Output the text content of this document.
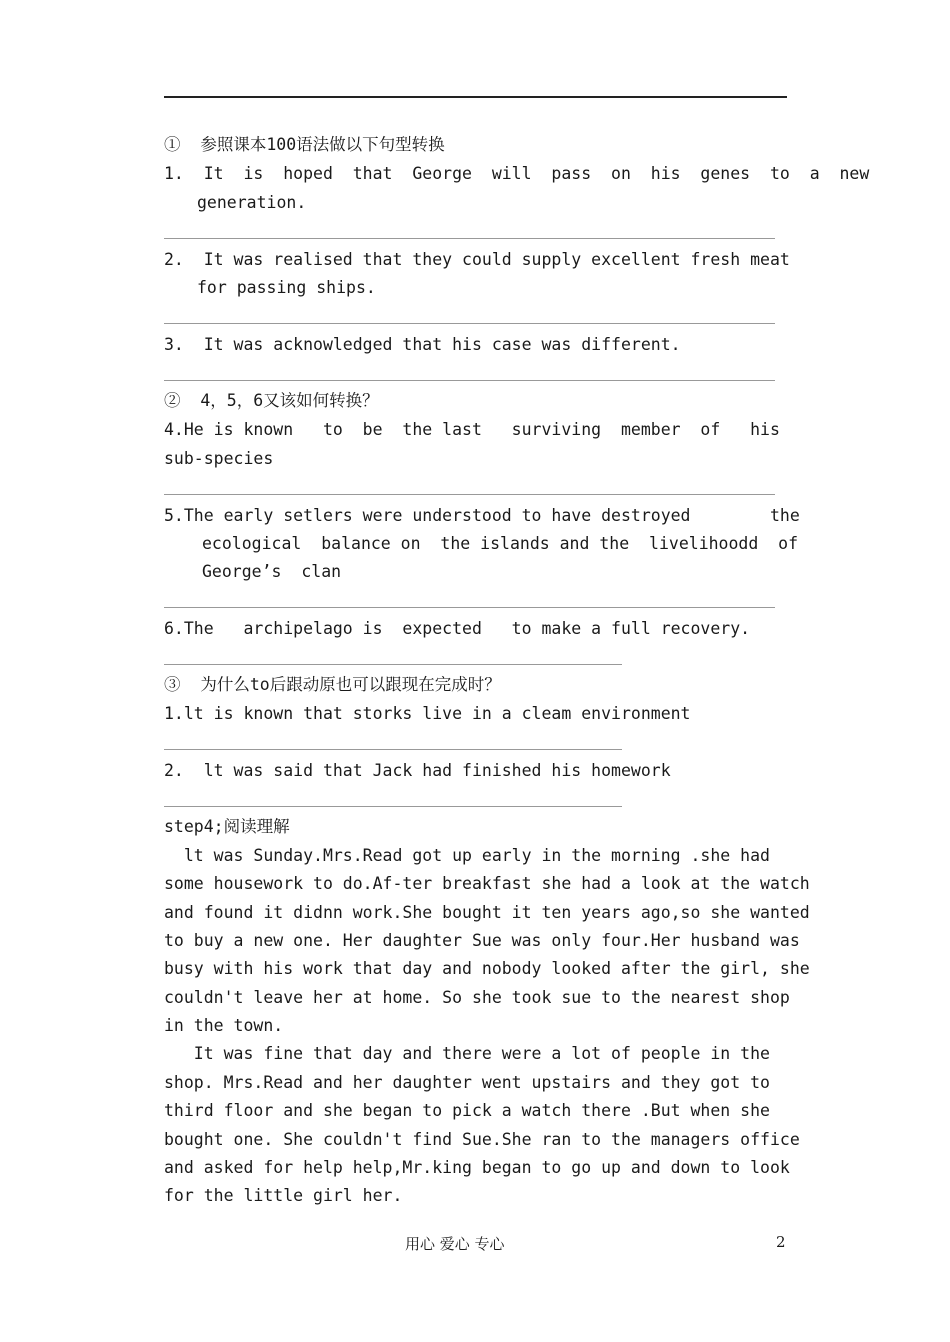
①  参照课本100语法做以下句型转换

1.  It  is  hoped  that  George  will  pass  on  his  genes  to  a  new

generation.

2.  It was realised that they could supply excellent fresh meat

for passing ships.

3.  It was acknowledged that his case was different.

②  4，5，6又该如何转换？

4.He is known   to  be  the last   surviving  member  of   his

sub-species

5.The early setlers were understood to have destroyed        the

ecological  balance on  the islands and the  livelihoodd  of

George’s  clan

6.The   archipelago is  expected   to make a full recovery.

③  为什么to后跟动原也可以跟现在完成时？

1.lt is known that storks live in a cleam environment

2.  lt was said that Jack had finished his homework

step4;阅读理解

lt was Sunday.Mrs.Read got up early in the morning .she had

some housework to do.Af-ter breakfast she had a look at the watch

and found it didnn work.She bought it ten years ago,so she wanted

to buy a new one. Her daughter Sue was only four.Her husband was

busy with his work that day and nobody looked after the girl, she

couldn't leave her at home. So she took sue to the nearest shop

in the town.

It was fine that day and there were a lot of people in the

shop. Mrs.Read and her daughter went upstairs and they got to

third floor and she began to pick a watch there .But when she

bought one. She couldn't find Sue.She ran to the managers office

and asked for help help,Mr.king began to go up and down to look

for the little girl her.

用心 爱心 专心	2
